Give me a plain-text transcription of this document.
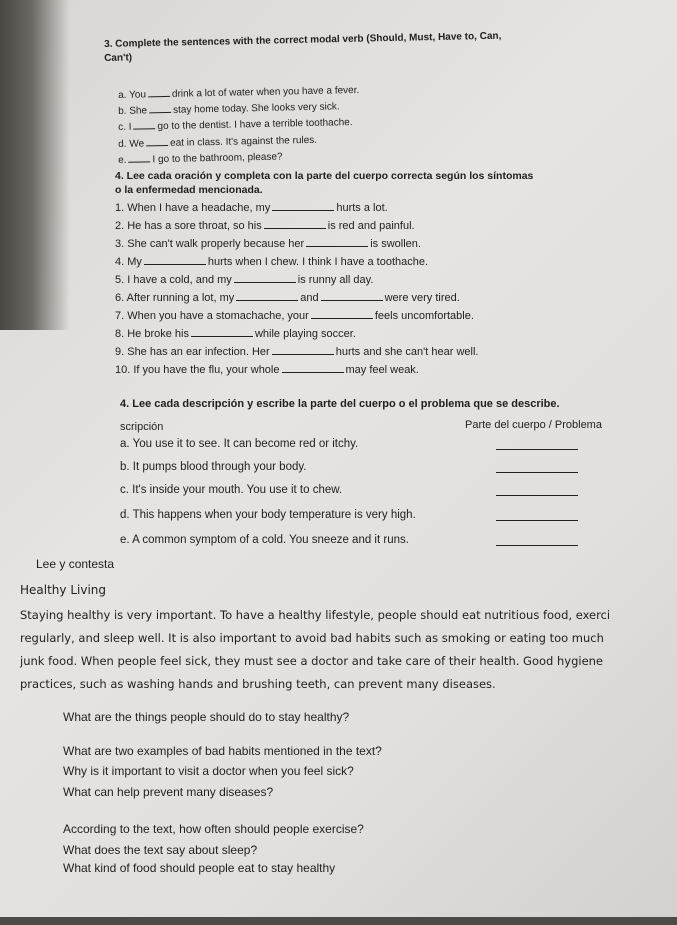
3. Complete the sentences with the correct modal verb (Should, Must, Have to, Can,
Can't)
a. You	drink a lot of water when you have a fever.
b. She	stay home today. She looks very sick.
c. I	go to the dentist. I have a terrible toothache.
d. We	eat in class. It's against the rules.
e.	I go to the bathroom, please?
4. Lee cada oración y completa con la parte del cuerpo correcta según los síntomas
o la enfermedad mencionada.
1. When I have a headache, my	hurts a lot.
2. He has a sore throat, so his	is red and painful.
3. She can't walk properly because her	is swollen.
4. My	hurts when I chew. I think I have a toothache.
5. I have a cold, and my	is runny all day.
6. After running a lot, my	and	were very tired.
7. When you have a stomachache, your	feels uncomfortable.
8. He broke his	while playing soccer.
9. She has an ear infection. Her	hurts and she can't hear well.
10. If you have the flu, your whole	may feel weak.
4. Lee cada descripción y escribe la parte del cuerpo o el problema que se describe.
scripción	Parte del cuerpo / Problema
a. You use it to see. It can become red or itchy.
b. It pumps blood through your body.
c. It's inside your mouth. You use it to chew.
d. This happens when your body temperature is very high.
e. A common symptom of a cold. You sneeze and it runs.
Lee y contesta
Healthy Living
Staying healthy is very important. To have a healthy lifestyle, people should eat nutritious food, exerci
regularly, and sleep well. It is also important to avoid bad habits such as smoking or eating too much
junk food. When people feel sick, they must see a doctor and take care of their health. Good hygiene
practices, such as washing hands and brushing teeth, can prevent many diseases.
What are the things people should do to stay healthy?
What are two examples of bad habits mentioned in the text?
Why is it important to visit a doctor when you feel sick?
What can help prevent many diseases?
According to the text, how often should people exercise?
What does the text say about sleep?
What kind of food should people eat to stay healthy
